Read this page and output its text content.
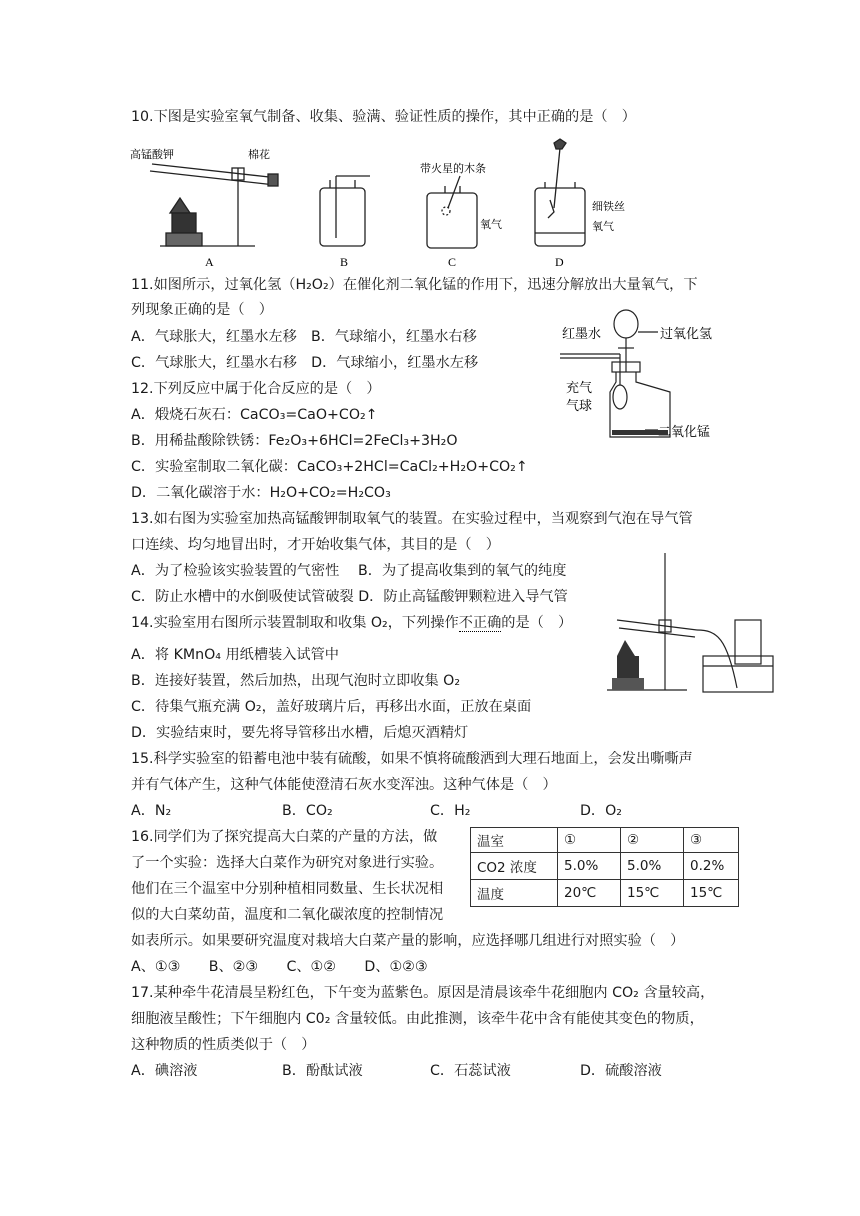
10.下图是实验室氧气制备、收集、验满、验证性质的操作，其中正确的是（　）
高锰酸钾	棉花
带火星的木条
氧气
细铁丝
氧气
A	B	C	D
11.如图所示，过氧化氢（H₂O₂）在催化剂二氧化锰的作用下，迅速分解放出大量氧气，下
列现象正确的是（　）
A．气球胀大，红墨水左移　B．气球缩小，红墨水右移
C．气球胀大，红墨水右移　D．气球缩小，红墨水左移
红墨水	过氧化氢
充气
气球
二氧化锰
12.下列反应中属于化合反应的是（　）
A．煅烧石灰石：CaCO₃=CaO+CO₂↑
B．用稀盐酸除铁锈：Fe₂O₃+6HCl=2FeCl₃+3H₂O
C．实验室制取二氧化碳：CaCO₃+2HCl=CaCl₂+H₂O+CO₂↑
D．二氧化碳溶于水：H₂O+CO₂=H₂CO₃
13.如右图为实验室加热高锰酸钾制取氧气的装置。在实验过程中，当观察到气泡在导气管
口连续、均匀地冒出时，才开始收集气体，其目的是（　）
A．为了检验该实验装置的气密性　 B．为了提高收集到的氧气的纯度
C．防止水槽中的水倒吸使试管破裂 D．防止高锰酸钾颗粒进入导气管
14.实验室用右图所示装置制取和收集 O₂，下列操作不正确的是（　）
A．将 KMnO₄ 用纸槽装入试管中
B．连接好装置，然后加热，出现气泡时立即收集 O₂
C．待集气瓶充满 O₂，盖好玻璃片后，再移出水面，正放在桌面
D．实验结束时，要先将导管移出水槽，后熄灭酒精灯
15.科学实验室的铅蓄电池中装有硫酸，如果不慎将硫酸洒到大理石地面上，会发出嘶嘶声
并有气体产生，这种气体能使澄清石灰水变浑浊。这种气体是（　）
A．N₂	B．CO₂	C．H₂	D．O₂
16.同学们为了探究提高大白菜的产量的方法，做
了一个实验：选择大白菜作为研究对象进行实验。
他们在三个温室中分别种植相同数量、生长状况相
似的大白菜幼苗，温度和二氧化碳浓度的控制情况
如表所示。如果要研究温度对栽培大白菜产量的影响，应选择哪几组进行对照实验（　）
A、①③　　B、②③　　C、①②　　D、①②③
温室	①	②	③
CO2 浓度	5.0%	5.0%	0.2%
温度	20℃	15℃	15℃
17.某种牵牛花清晨呈粉红色，下午变为蓝紫色。原因是清晨该牵牛花细胞内 CO₂ 含量较高，
细胞液呈酸性；下午细胞内 C0₂ 含量较低。由此推测，该牵牛花中含有能使其变色的物质，
这种物质的性质类似于（　）
A．碘溶液	B．酚酞试液	C．石蕊试液	D．硫酸溶液
